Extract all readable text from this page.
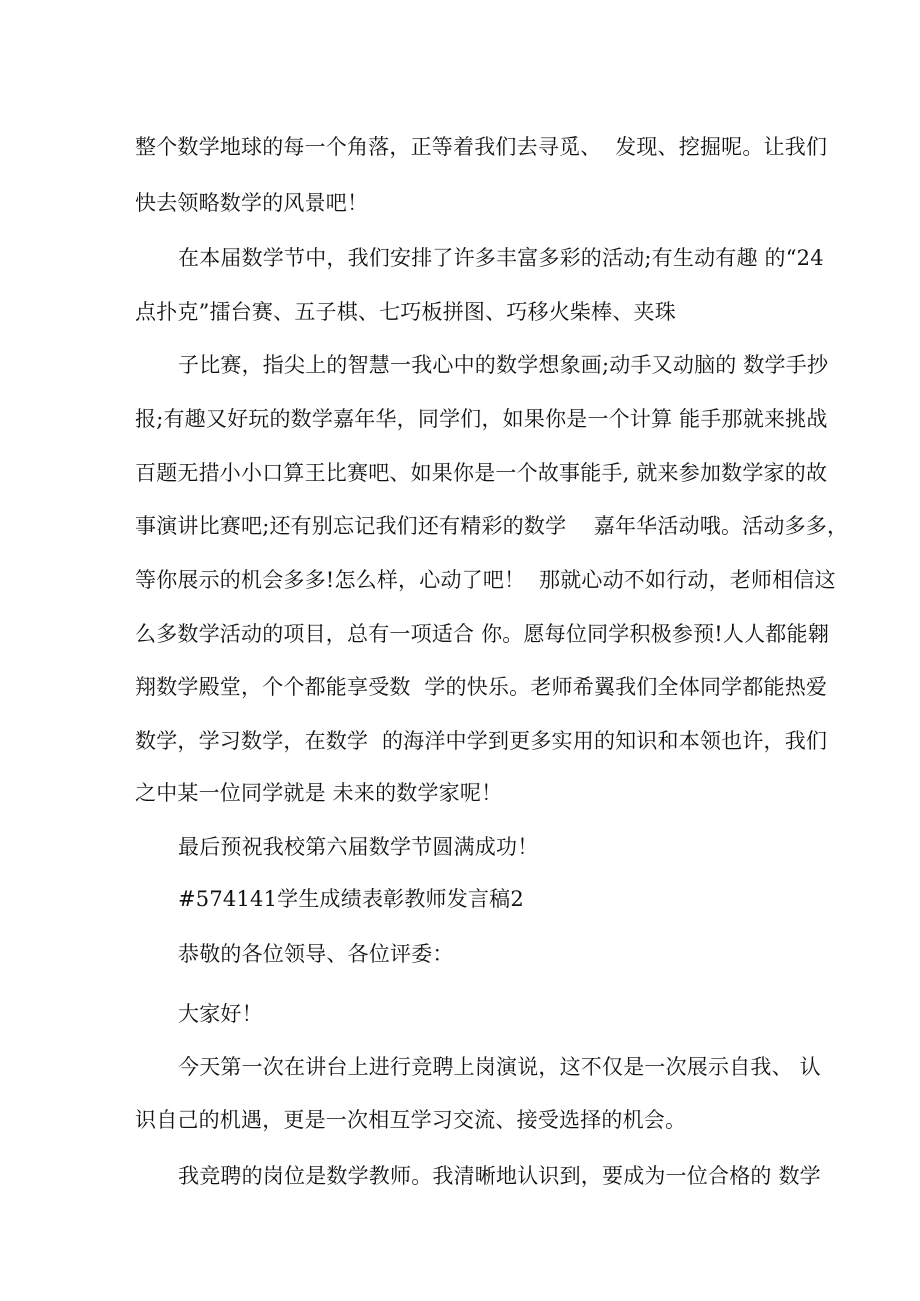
整个数学地球的每一个角落，正等着我们去寻觅、  发现、挖掘呢。让我们
快去领略数学的风景吧！
在本届数学节中，我们安排了许多丰富多彩的活动;有生动有趣 的“24
点扑克”擂台赛、五子棋、七巧板拼图、巧移火柴棒、夹珠
子比赛，指尖上的智慧一我心中的数学想象画;动手又动脑的 数学手抄
报;有趣又好玩的数学嘉年华，同学们，如果你是一个计算 能手那就来挑战
百题无措小小口算王比赛吧、如果你是一个故事能手, 就来参加数学家的故
事演讲比赛吧;还有别忘记我们还有精彩的数学    嘉年华活动哦。活动多多，
等你展示的机会多多!怎么样，心动了吧！  那就心动不如行动，老师相信这
么多数学活动的项目，总有一项适合 你。愿每位同学积极参预!人人都能翱
翔数学殿堂，个个都能享受数  学的快乐。老师希翼我们全体同学都能热爱
数学，学习数学，在数学  的海洋中学到更多实用的知识和本领也许，我们
之中某一位同学就是 未来的数学家呢！
最后预祝我校第六届数学节圆满成功！
#574141学生成绩表彰教师发言稿2
恭敬的各位领导、各位评委：
大家好！
今天第一次在讲台上进行竞聘上岗演说，这不仅是一次展示自我、 认
识自己的机遇，更是一次相互学习交流、接受选择的机会。
我竞聘的岗位是数学教师。我清晰地认识到，要成为一位合格的 数学
